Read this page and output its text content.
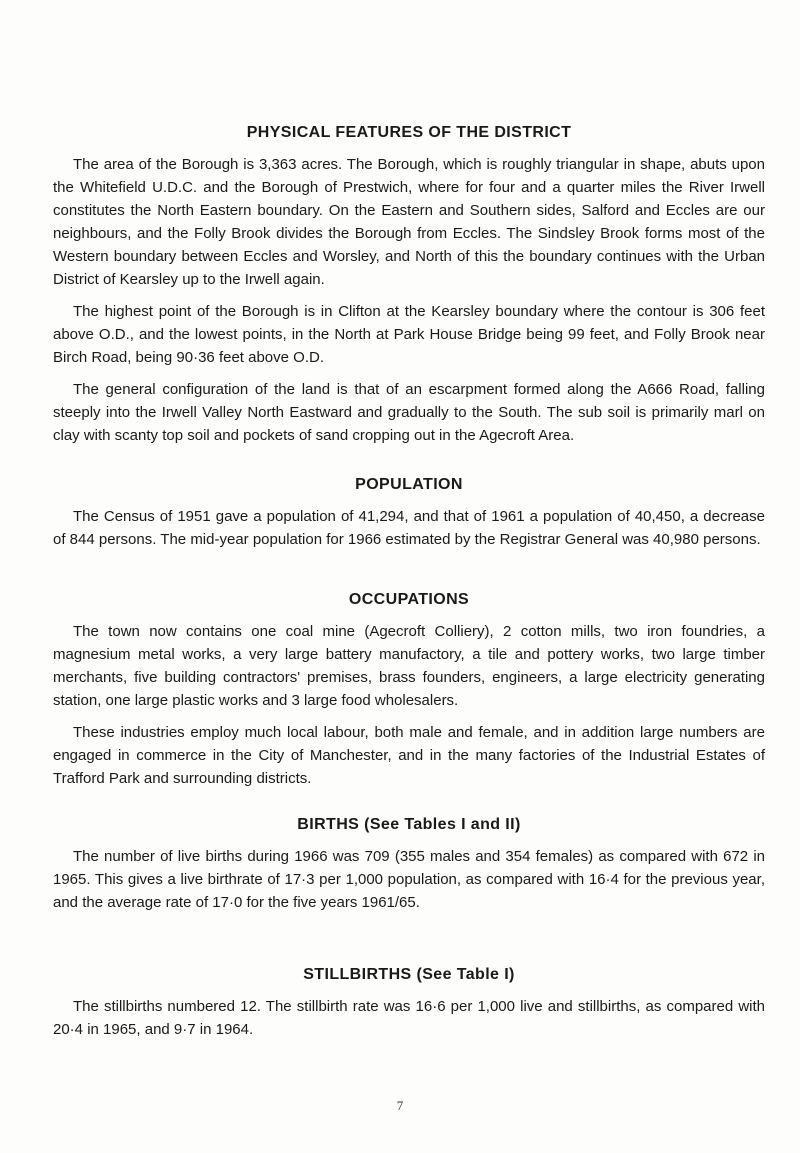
PHYSICAL FEATURES OF THE DISTRICT

The area of the Borough is 3,363 acres. The Borough, which is roughly triangular in shape, abuts upon the Whitefield U.D.C. and the Borough of Prestwich, where for four and a quarter miles the River Irwell constitutes the North Eastern boundary. On the Eastern and Southern sides, Salford and Eccles are our neighbours, and the Folly Brook divides the Borough from Eccles. The Sindsley Brook forms most of the Western boundary between Eccles and Worsley, and North of this the boundary continues with the Urban District of Kearsley up to the Irwell again.

The highest point of the Borough is in Clifton at the Kearsley boundary where the contour is 306 feet above O.D., and the lowest points, in the North at Park House Bridge being 99 feet, and Folly Brook near Birch Road, being 90·36 feet above O.D.

The general configuration of the land is that of an escarpment formed along the A666 Road, falling steeply into the Irwell Valley North Eastward and gradually to the South. The sub soil is primarily marl on clay with scanty top soil and pockets of sand cropping out in the Agecroft Area.

POPULATION

The Census of 1951 gave a population of 41,294, and that of 1961 a population of 40,450, a decrease of 844 persons. The mid-year population for 1966 estimated by the Registrar General was 40,980 persons.

OCCUPATIONS

The town now contains one coal mine (Agecroft Colliery), 2 cotton mills, two iron foundries, a magnesium metal works, a very large battery manufactory, a tile and pottery works, two large timber merchants, five building contractors' premises, brass founders, engineers, a large electricity generating station, one large plastic works and 3 large food wholesalers.

These industries employ much local labour, both male and female, and in addition large numbers are engaged in commerce in the City of Manchester, and in the many factories of the Industrial Estates of Trafford Park and surrounding districts.

BIRTHS (See Tables I and II)

The number of live births during 1966 was 709 (355 males and 354 females) as compared with 672 in 1965. This gives a live birthrate of 17·3 per 1,000 population, as compared with 16·4 for the previous year, and the average rate of 17·0 for the five years 1961/65.

STILLBIRTHS (See Table I)

The stillbirths numbered 12. The stillbirth rate was 16·6 per 1,000 live and stillbirths, as compared with 20·4 in 1965, and 9·7 in 1964.

7
